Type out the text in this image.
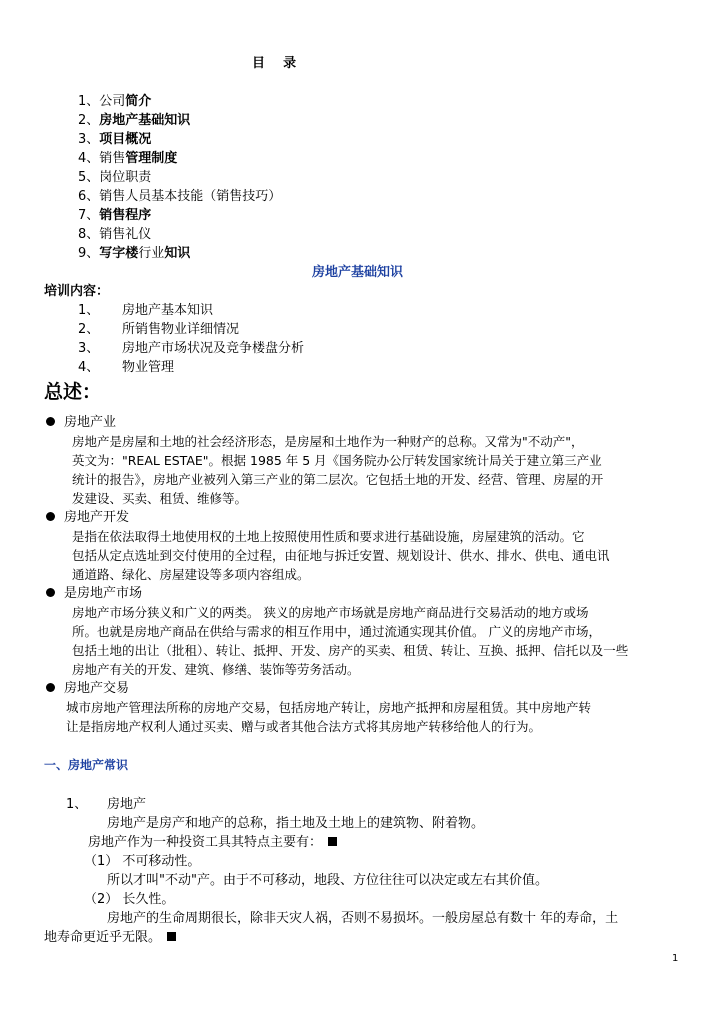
目    录
1、公司简介
2、房地产基础知识
3、项目概况
4、销售管理制度
5、岗位职责
6、销售人员基本技能（销售技巧）
7、销售程序
8、销售礼仪
9、写字楼行业知识
房地产基础知识
培训内容：
1、 房地产基本知识
2、 所销售物业详细情况
3、 房地产市场状况及竞争楼盘分析
4、 物业管理
总述：
房地产业
房地产是房屋和土地的社会经济形态，是房屋和土地作为一种财产的总称。又常为"不动产"，
英文为："REAL ESTAE"。根据 1985 年 5 月《国务院办公厅转发国家统计局关于建立第三产业
统计的报告》，房地产业被列入第三产业的第二层次。它包括土地的开发、经营、管理、房屋的开
发建设、买卖、租赁、维修等。
房地产开发
是指在依法取得土地使用权的土地上按照使用性质和要求进行基础设施，房屋建筑的活动。它
包括从定点选址到交付使用的全过程，由征地与拆迁安置、规划设计、供水、排水、供电、通电讯
通道路、绿化、房屋建设等多项内容组成。
是房地产市场
房地产市场分狭义和广义的两类。 狭义的房地产市场就是房地产商品进行交易活动的地方或场
所。也就是房地产商品在供给与需求的相互作用中，通过流通实现其价值。 广义的房地产市场，
包括土地的出让（批租）、转让、抵押、开发、房产的买卖、租赁、转让、互换、抵押、信托以及一些
房地产有关的开发、建筑、修缮、装饰等劳务活动。
房地产交易
城市房地产管理法所称的房地产交易，包括房地产转让，房地产抵押和房屋租赁。其中房地产转
让是指房地产权利人通过买卖、赠与或者其他合法方式将其房地产转移给他人的行为。
一、房地产常识
1、 房地产
房地产是房产和地产的总称，指土地及土地上的建筑物、附着物。
房地产作为一种投资工具其特点主要有：
（1） 不可移动性。
所以才叫"不动"产。由于不可移动，地段、方位往往可以决定或左右其价值。
（2） 长久性。
房地产的生命周期很长，除非天灾人祸，否则不易损坏。一般房屋总有数十 年的寿命，土
地寿命更近乎无限。
1
